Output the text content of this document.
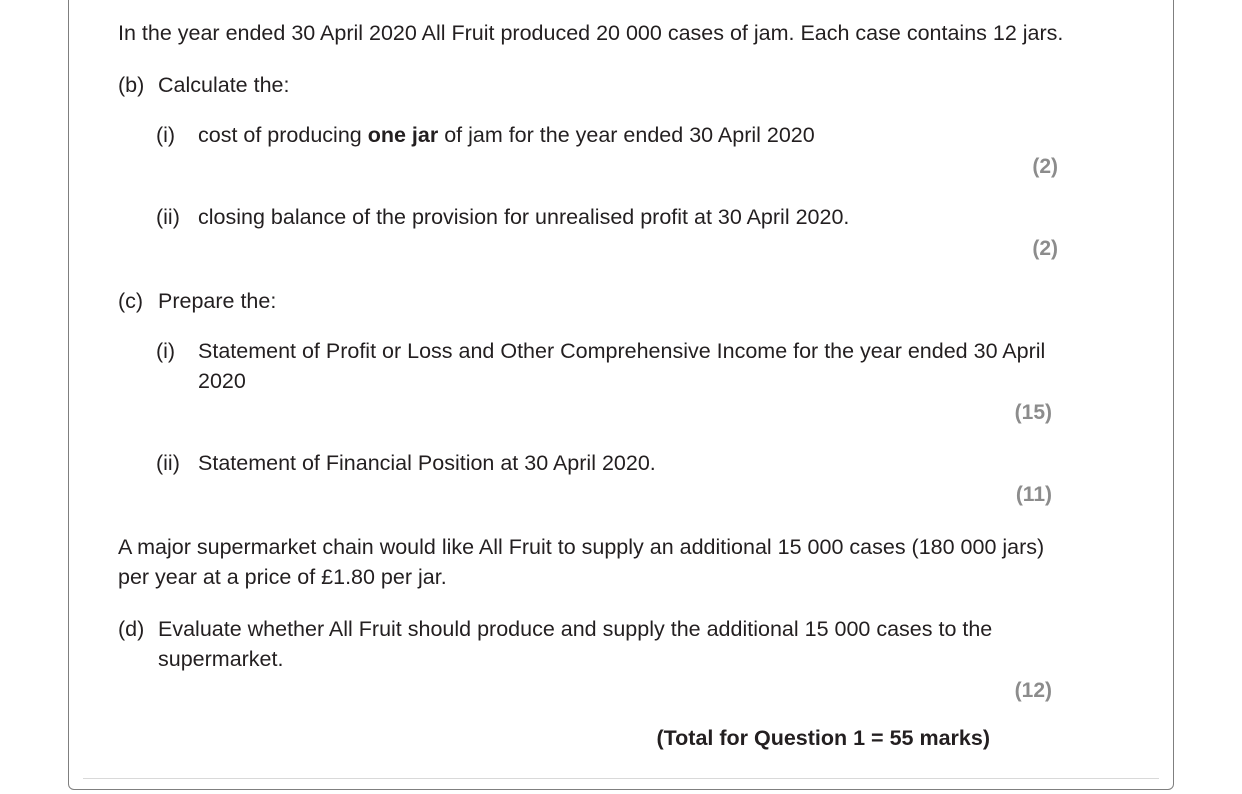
In the year ended 30 April 2020 All Fruit produced 20 000 cases of jam. Each case contains 12 jars.

(b) Calculate the:
(i)	cost of producing one jar of jam for the year ended 30 April 2020
(2)
(ii) closing balance of the provision for unrealised profit at 30 April 2020.
(2)
(c) Prepare the:
(i)	Statement of Profit or Loss and Other Comprehensive Income for the year ended 30 April 2020
(15)
(ii) Statement of Financial Position at 30 April 2020.
(11)

A major supermarket chain would like All Fruit to supply an additional 15 000 cases (180 000 jars) per year at a price of £1.80 per jar.

(d) Evaluate whether All Fruit should produce and supply the additional 15 000 cases to the supermarket.
(12)
(Total for Question 1 = 55 marks)
